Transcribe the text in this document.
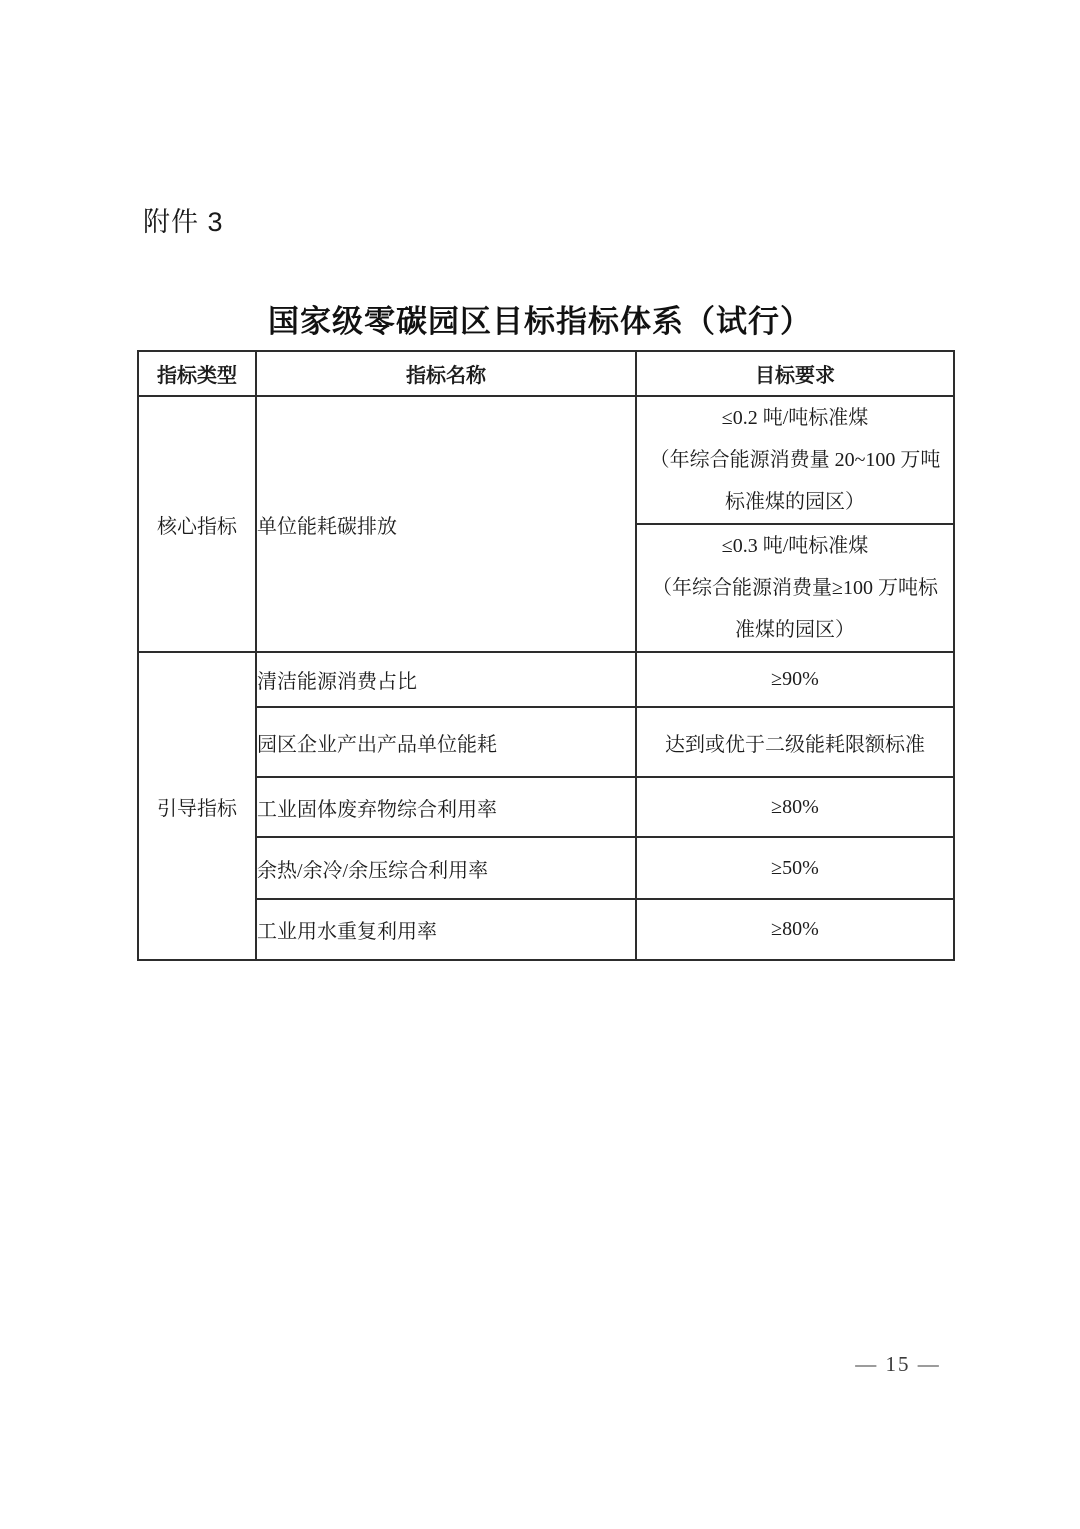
附件 3
国家级零碳园区目标指标体系（试行）
指标类型	指标名称	目标要求
核心指标	单位能耗碳排放	≤0.2 吨/吨标准煤
（年综合能源消费量 20~100 万吨
标准煤的园区）

		≤0.3 吨/吨标准煤
（年综合能源消费量≥100 万吨标
准煤的园区）

引导指标	清洁能源消费占比	≥90%
	园区企业产出产品单位能耗	达到或优于二级能耗限额标准
	工业固体废弃物综合利用率	≥80%
	余热/余冷/余压综合利用率	≥50%
	工业用水重复利用率	≥80%
— 15 —
